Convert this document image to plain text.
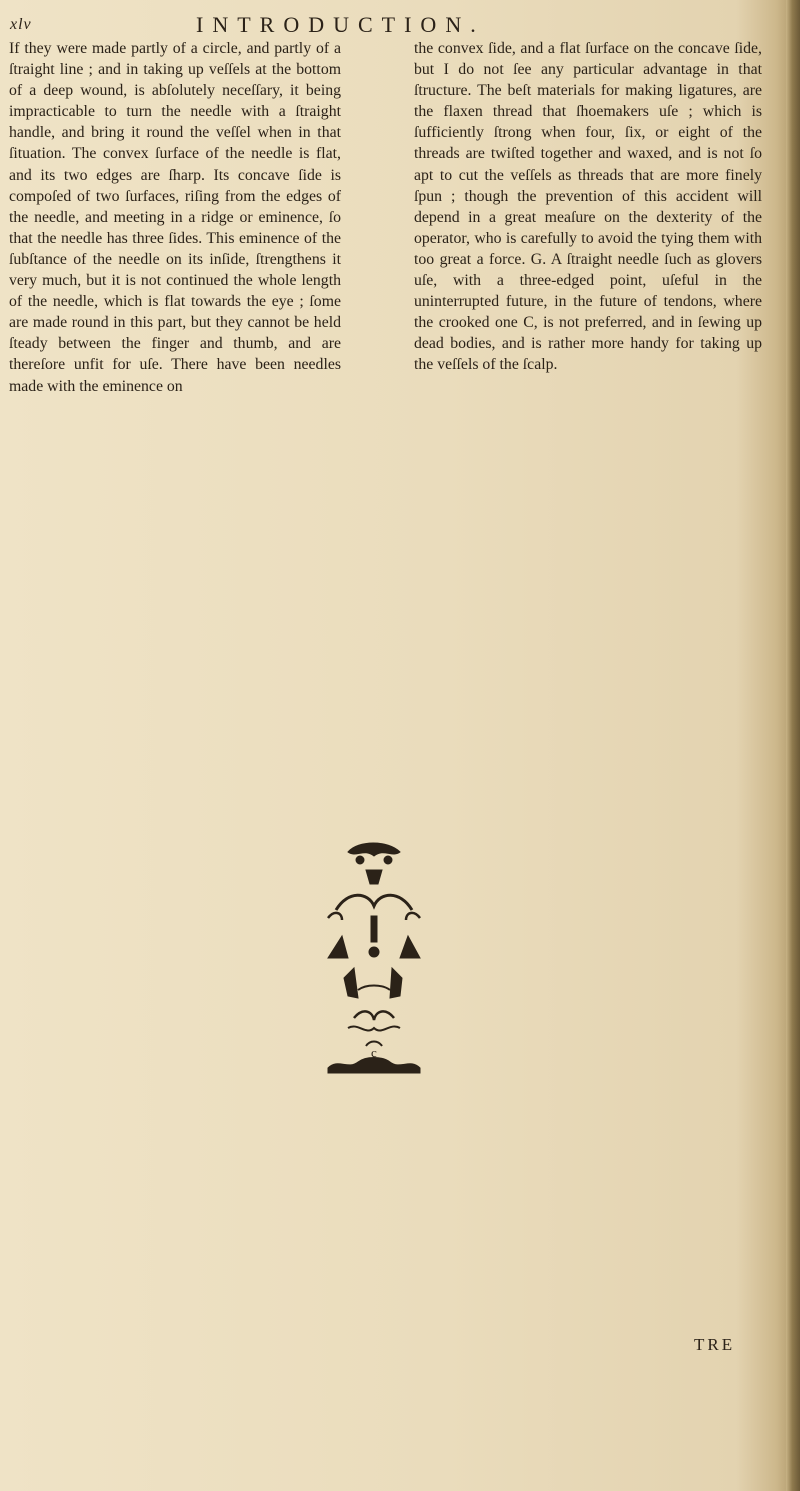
xlv	INTRODUCTION.

If they were made partly of a circle, and partly of a ſtraight line ; and in taking up veſſels at the bottom of a deep wound, is abſolutely neceſſary, it being impracticable to turn the needle with a ſtraight handle, and bring it round the veſſel when in that ſituation. The convex ſurface of the needle is flat, and its two edges are ſharp. Its concave ſide is compoſed of two ſurfaces, riſing from the edges of the needle, and meeting in a ridge or eminence, ſo that the needle has three ſides. This eminence of the ſubſtance of the needle on its inſide, ſtrengthens it very much, but it is not continued the whole length of the needle, which is flat towards the eye ; ſome are made round in this part, but they cannot be held ſteady between the finger and thumb, and are thereſore unfit for uſe. There have been needles made with the eminence on

the convex ſide, and a flat ſurface on the concave ſide, but I do not ſee any particular advantage in that ſtructure. The beſt materials for making ligatures, are the flaxen thread that ſhoemakers uſe ; which is ſufficiently ſtrong when four, ſix, or eight of the threads are twiſted together and waxed, and is not ſo apt to cut the veſſels as threads that are more finely ſpun ; though the prevention of this accident will depend in a great meaſure on the dexterity of the operator, who is carefully to avoid the tying them with too great a force. G. A ſtraight needle ſuch as glovers uſe, with a three-edged point, uſeful in the uninterrupted future, in the future of tendons, where the crooked one C, is not preferred, and in ſewing up dead bodies, and is rather more handy for taking up the veſſels of the ſcalp.

c
TRE
